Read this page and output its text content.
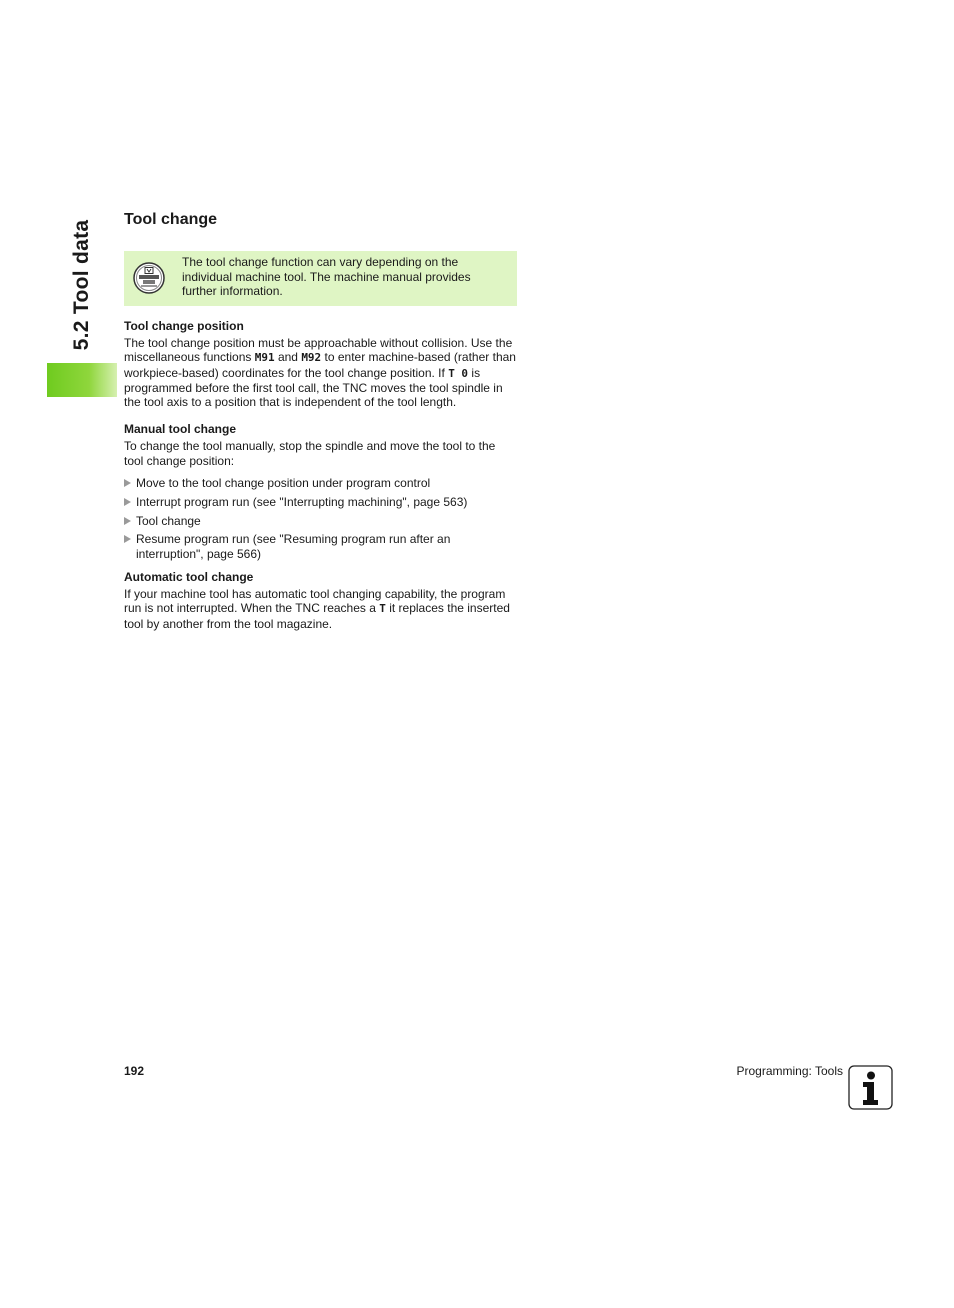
5.2 Tool data
Tool change
The tool change function can vary depending on the
individual machine tool. The machine manual provides
further information.
Tool change position

The tool change position must be approachable without collision. Use the miscellaneous functions M91 and M92 to enter machine-based (rather than workpiece-based) coordinates for the tool change position. If T 0 is programmed before the first tool call, the TNC moves the tool spindle in the tool axis to a position that is independent of the tool length.

Manual tool change

To change the tool manually, stop the spindle and move the tool to the tool change position:

Move to the tool change position under program control
Interrupt program run (see "Interrupting machining", page 563)
Tool change
Resume program run (see "Resuming program run after an interruption", page 566)
Automatic tool change

If your machine tool has automatic tool changing capability, the program run is not interrupted. When the TNC reaches a T it replaces the inserted tool by another from the tool magazine.

192	Programming: Tools
